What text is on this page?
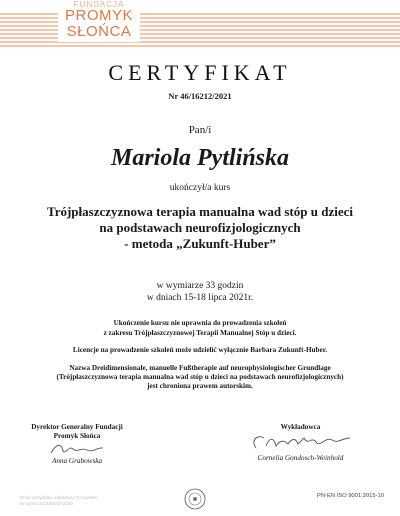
FUNDACJA
PROMYK
SŁOŃCA
CERTYFIKAT
Nr 46/16212/2021
Pan/i
Mariola Pytlińska
ukończył/a kurs
Trójpłaszczyznowa terapia manualna wad stóp u dzieci
na podstawach neurofizjologicznych
- metoda „Zukunft-Huber”
w wymiarze 33 godzin
w dniach 15-18 lipca 2021r.
Ukończenie kursu nie uprawnia do prowadzenia szkoleń
z zakresu Trójpłaszczyznowej Terapii Manualnej Stóp u dzieci.
Licencje na prowadzenie szkoleń może udzielić wyłącznie Barbara Zukunft-Huber.
Nazwa Dreidimensionale, manuelle Fußtherapie auf neurophysiologischer Grundlage
(Trójpłaszczyznowa terapia manualna wad stóp u dzieci na podstawach neurofizjologicznych)
jest chroniona prawem autorskim.
Dyrektor Generalny Fundacji
Promyk Słońca
Anna Grabowska
Wykładowca
Cornelia Gondosch-Weinhold
Wzór certyfikatu zgłoszony do rejestru
Nr wzoru 2/14/04/07/2020
PN-EN ISO 9001:2015-10
